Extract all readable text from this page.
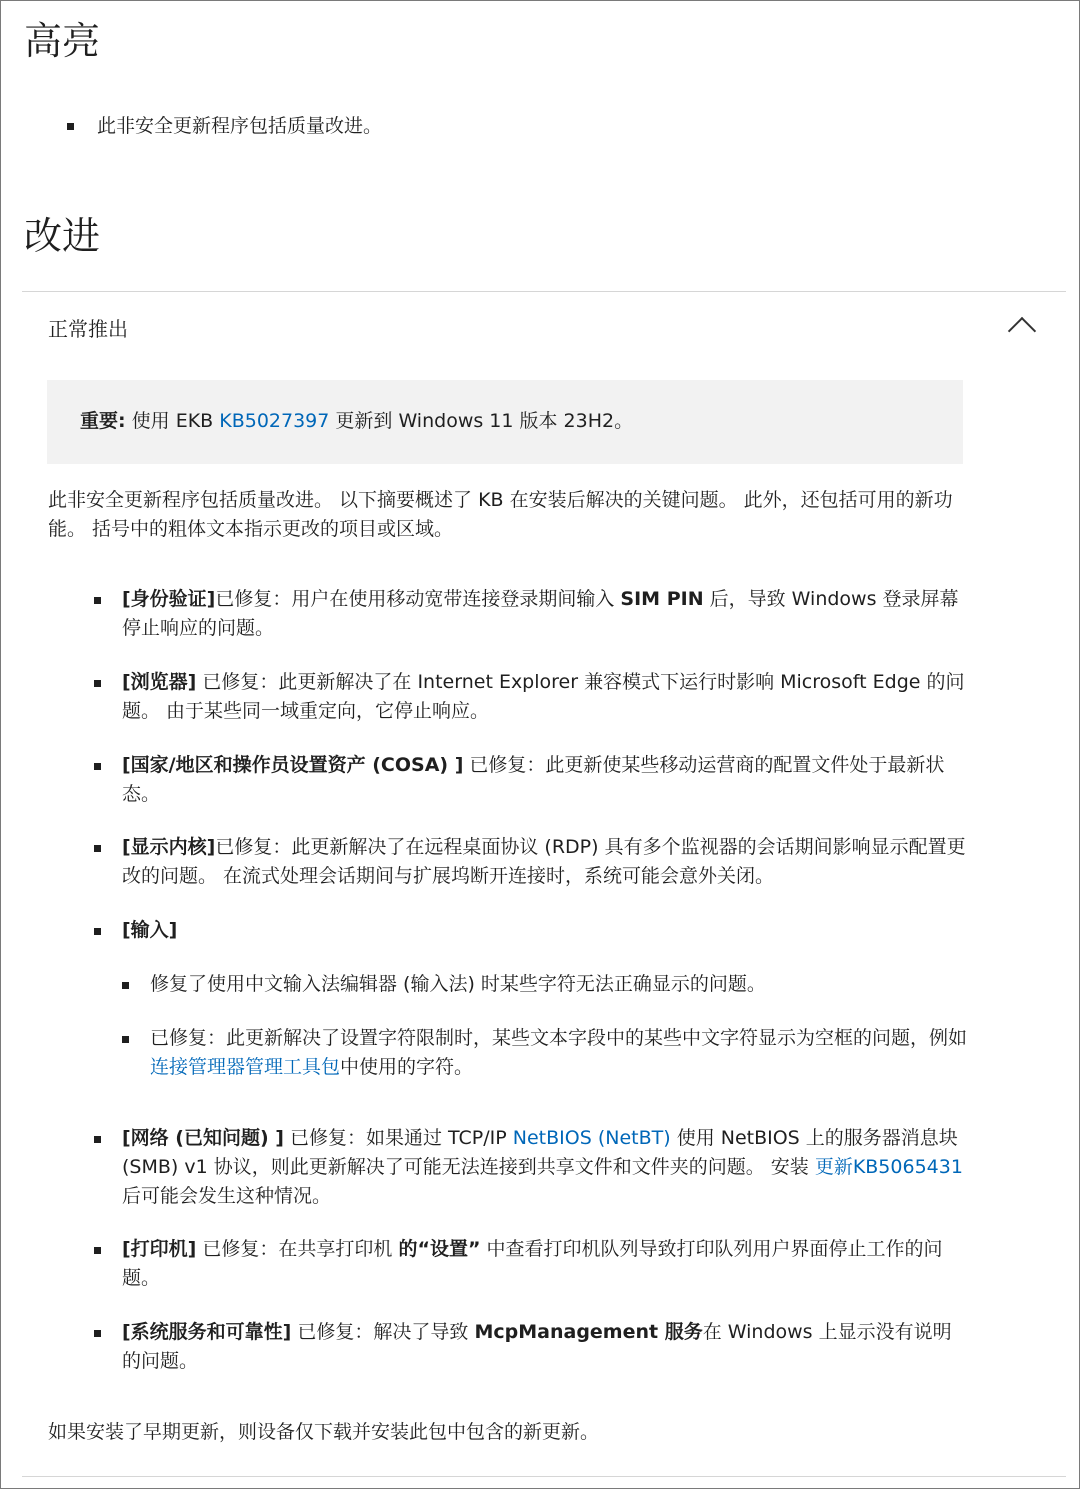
高亮
此非安全更新程序包括质量改进。
改进
正常推出
重要: 使用 EKB KB5027397 更新到 Windows 11 版本 23H2。
此非安全更新程序包括质量改进。 以下摘要概述了 KB 在安装后解决的关键问题。 此外，还包括可用的新功能。 括号中的粗体文本指示更改的项目或区域。
[身份验证]已修复：用户在使用移动宽带连接登录期间输入 SIM PIN 后，导致 Windows 登录屏幕停止响应的问题。
[浏览器] 已修复：此更新解决了在 Internet Explorer 兼容模式下运行时影响 Microsoft Edge 的问题。 由于某些同一域重定向，它停止响应。
[国家/地区和操作员设置资产 (COSA) ] 已修复：此更新使某些移动运营商的配置文件处于最新状态。
[显示内核]已修复：此更新解决了在远程桌面协议 (RDP) 具有多个监视器的会话期间影响显示配置更改的问题。 在流式处理会话期间与扩展坞断开连接时，系统可能会意外关闭。
[输入]
修复了使用中文输入法编辑器 (输入法) 时某些字符无法正确显示的问题。
已修复：此更新解决了设置字符限制时，某些文本字段中的某些中文字符显示为空框的问题，例如连接管理器管理工具包中使用的字符。
[网络 (已知问题) ] 已修复：如果通过 TCP/IP NetBIOS (NetBT) 使用 NetBIOS 上的服务器消息块 (SMB) v1 协议，则此更新解决了可能无法连接到共享文件和文件夹的问题。 安装 更新KB5065431 后可能会发生这种情况。
[打印机] 已修复：在共享打印机 的“设置” 中查看打印机队列导致打印队列用户界面停止工作的问题。
[系统服务和可靠性] 已修复：解决了导致 McpManagement 服务在 Windows 上显示没有说明的问题。
如果安装了早期更新，则设备仅下载并安装此包中包含的新更新。
